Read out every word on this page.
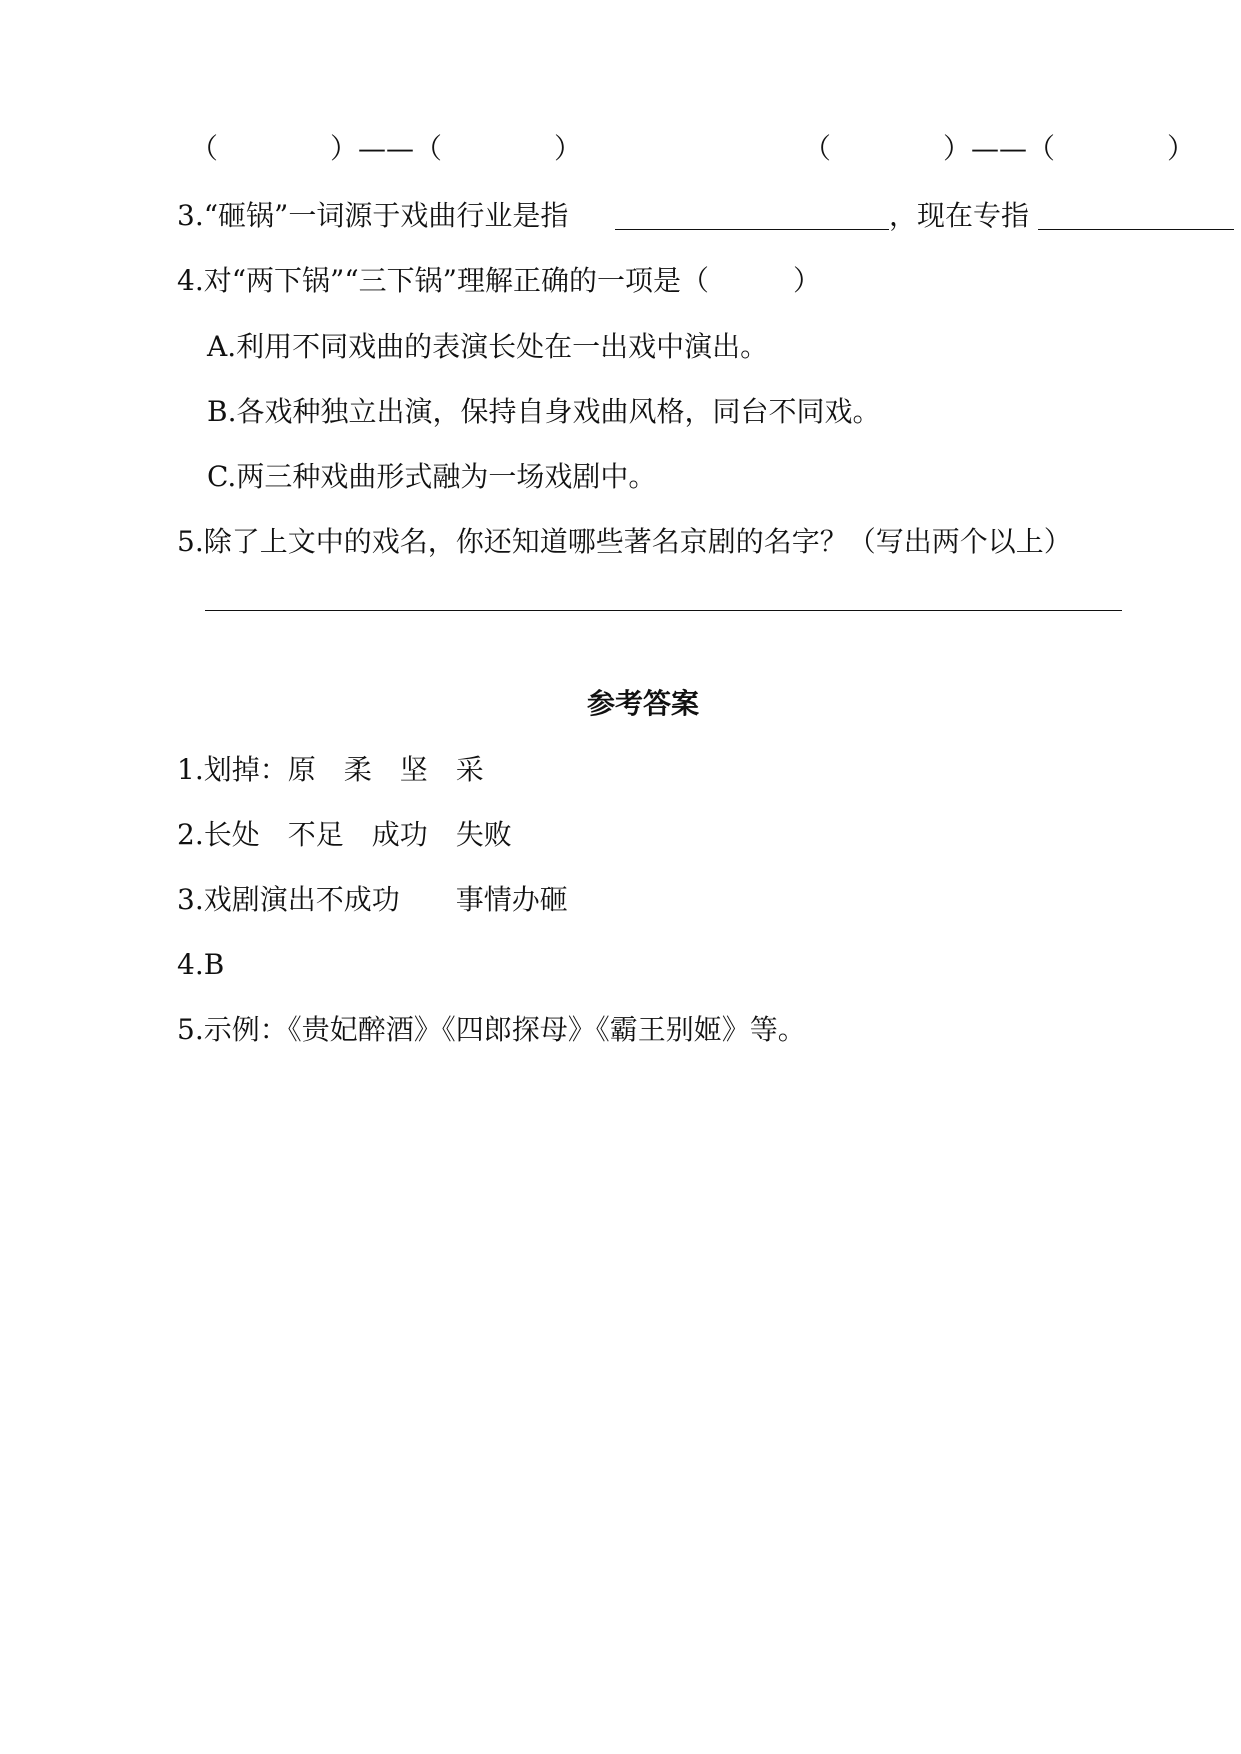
（　　　　）——（　　　　）	（　　　　）——（　　　　）
3.“砸锅”一词源于戏曲行业是指	，现在专指
4.对“两下锅”“三下锅”理解正确的一项是（　　　）
A.利用不同戏曲的表演长处在一出戏中演出。
B.各戏种独立出演，保持自身戏曲风格，同台不同戏。
C.两三种戏曲形式融为一场戏剧中。
5.除了上文中的戏名，你还知道哪些著名京剧的名字？（写出两个以上）
参考答案
1.划掉：原　柔　坚　采
2.长处　不足　成功　失败
3.戏剧演出不成功　　事情办砸
4.B
5.示例：《贵妃醉酒》《四郎探母》《霸王别姬》等。
